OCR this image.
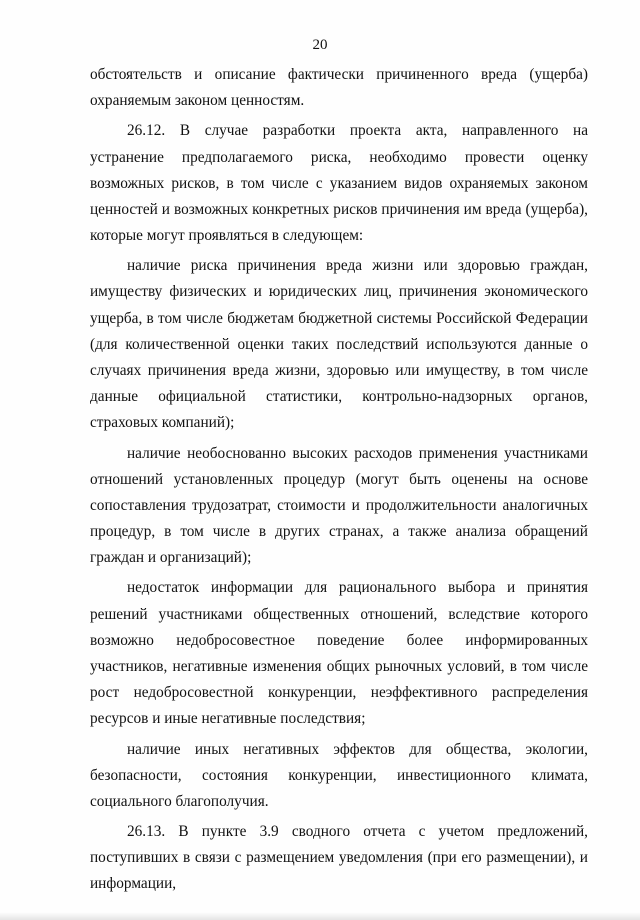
20

обстоятельств и описание фактически причиненного вреда (ущерба) охраняемым законом ценностям.

26.12. В случае разработки проекта акта, направленного на устранение предполагаемого риска, необходимо провести оценку возможных рисков, в том числе с указанием видов охраняемых законом ценностей и возможных конкретных рисков причинения им вреда (ущерба), которые могут проявляться в следующем:

наличие риска причинения вреда жизни или здоровью граждан, имуществу физических и юридических лиц, причинения экономического ущерба, в том числе бюджетам бюджетной системы Российской Федерации (для количественной оценки таких последствий используются данные о случаях причинения вреда жизни, здоровью или имуществу, в том числе данные официальной статистики, контрольно-надзорных органов, страховых компаний);

наличие необоснованно высоких расходов применения участниками отношений установленных процедур (могут быть оценены на основе сопоставления трудозатрат, стоимости и продолжительности аналогичных процедур, в том числе в других странах, а также анализа обращений граждан и организаций);

недостаток информации для рационального выбора и принятия решений участниками общественных отношений, вследствие которого возможно недобросовестное поведение более информированных участников, негативные изменения общих рыночных условий, в том числе рост недобросовестной конкуренции, неэффективного распределения ресурсов и иные негативные последствия;

наличие иных негативных эффектов для общества, экологии, безопасности, состояния конкуренции, инвестиционного климата, социального благополучия.

26.13. В пункте 3.9 сводного отчета с учетом предложений, поступивших в связи с размещением уведомления (при его размещении), и информации,
